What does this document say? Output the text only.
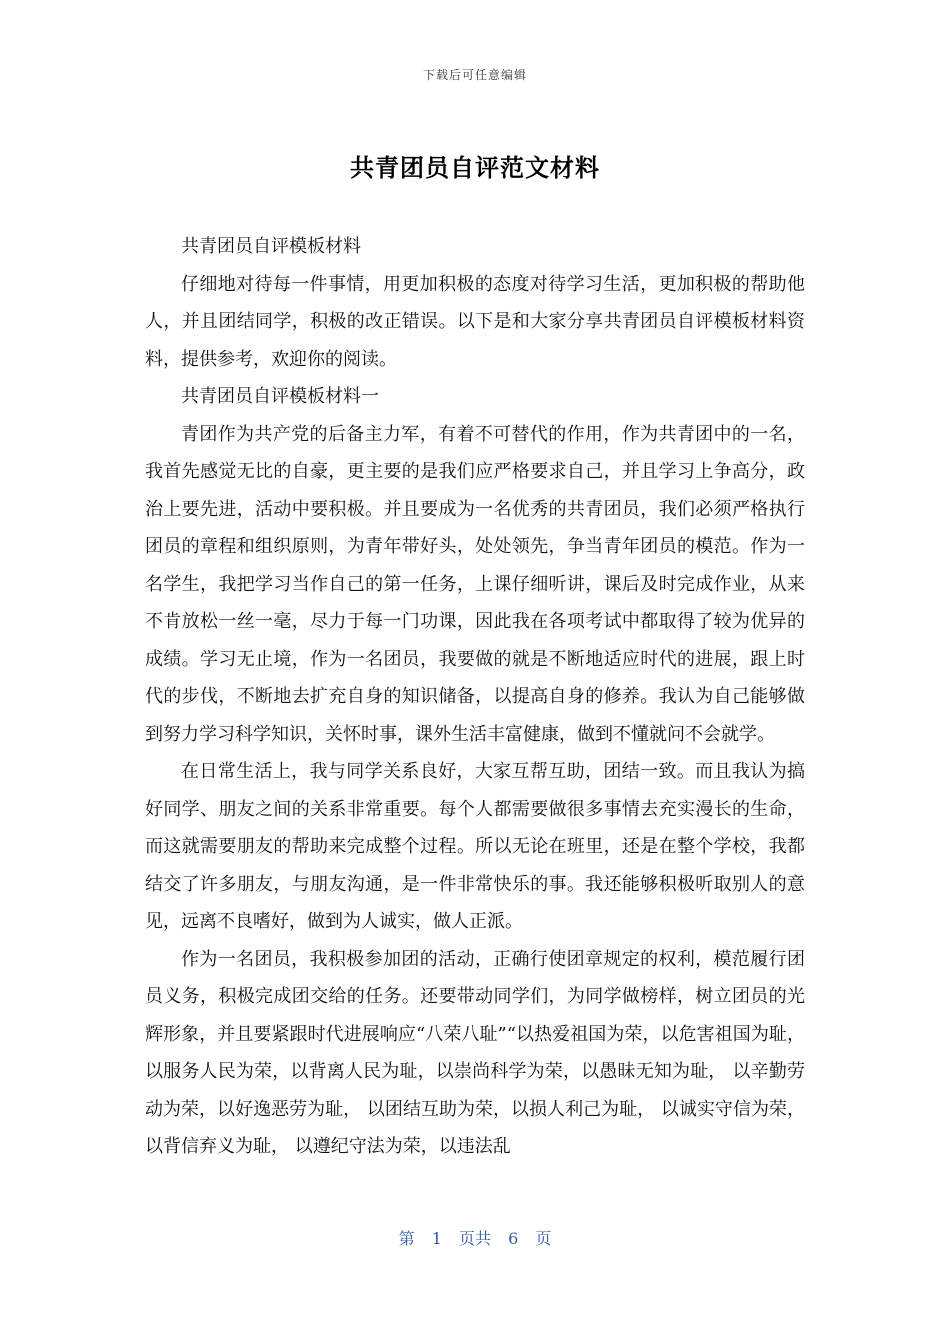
下载后可任意编辑
共青团员自评范文材料

共青团员自评模板材料

仔细地对待每一件事情，用更加积极的态度对待学习生活，更加积极的帮助他人，并且团结同学，积极的改正错误。以下是和大家分享共青团员自评模板材料资料，提供参考，欢迎你的阅读。

共青团员自评模板材料一

青团作为共产党的后备主力军，有着不可替代的作用，作为共青团中的一名，我首先感觉无比的自豪，更主要的是我们应严格要求自己，并且学习上争高分，政治上要先进，活动中要积极。并且要成为一名优秀的共青团员，我们必须严格执行团员的章程和组织原则，为青年带好头，处处领先，争当青年团员的模范。作为一名学生，我把学习当作自己的第一任务，上课仔细听讲，课后及时完成作业，从来不肯放松一丝一毫，尽力于每一门功课，因此我在各项考试中都取得了较为优异的成绩。学习无止境，作为一名团员，我要做的就是不断地适应时代的进展，跟上时代的步伐，不断地去扩充自身的知识储备，以提高自身的修养。我认为自己能够做到努力学习科学知识，关怀时事，课外生活丰富健康，做到不懂就问不会就学。

在日常生活上，我与同学关系良好，大家互帮互助，团结一致。而且我认为搞好同学、朋友之间的关系非常重要。每个人都需要做很多事情去充实漫长的生命，而这就需要朋友的帮助来完成整个过程。所以无论在班里，还是在整个学校，我都结交了许多朋友，与朋友沟通，是一件非常快乐的事。我还能够积极听取别人的意见，远离不良嗜好，做到为人诚实，做人正派。

作为一名团员，我积极参加团的活动，正确行使团章规定的权利，模范履行团员义务，积极完成团交给的任务。还要带动同学们，为同学做榜样，树立团员的光辉形象，并且要紧跟时代进展响应“八荣八耻”“以热爱祖国为荣，以危害祖国为耻， 以服务人民为荣，以背离人民为耻，以崇尚科学为荣，以愚昧无知为耻， 以辛勤劳动为荣，以好逸恶劳为耻， 以团结互助为荣，以损人利己为耻， 以诚实守信为荣，以背信弃义为耻， 以遵纪守法为荣，以违法乱

第 1 页共 6 页
